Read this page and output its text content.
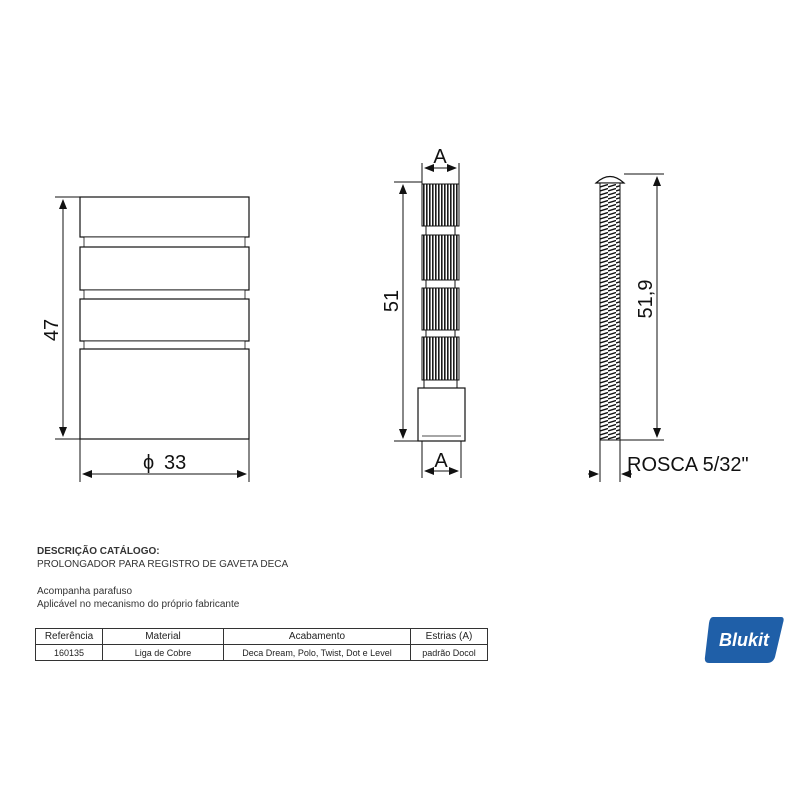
47
ϕ 33
A
51
A
51,9
ROSCA 5/32"

DESCRIÇÃO CATÁLOGO:

PROLONGADOR PARA REGISTRO DE GAVETA DECA

Acompanha parafuso

Aplicável no mecanismo do próprio fabricante

Referência	Material	Acabamento	Estrias (A)
160135	Liga de Cobre	Deca Dream, Polo, Twist, Dot e Level	padrão Docol
Blukit
